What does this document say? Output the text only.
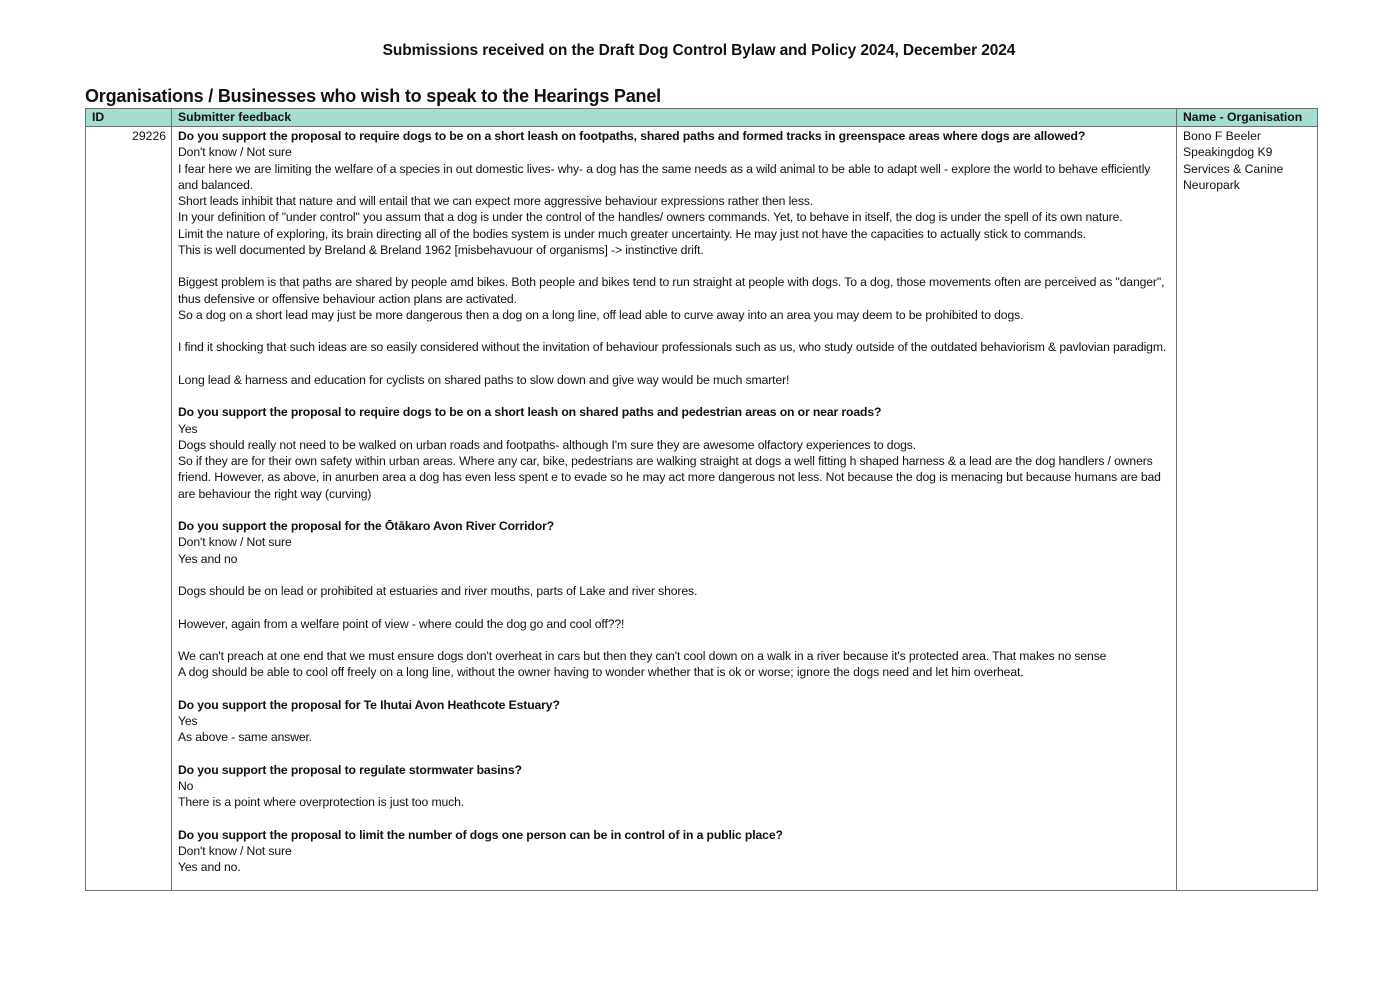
Submissions received on the Draft Dog Control Bylaw and Policy 2024, December 2024
Organisations / Businesses who wish to speak to the Hearings Panel
ID	Submitter feedback	Name - Organisation
29226 Do you support the proposal to require dogs to be on a short leash on footpaths, shared paths and formed tracks in greenspace areas where dogs are allowed?

Don't know / Not sure

I fear here we are limiting the welfare of a species in out domestic lives- why- a dog has the same needs as a wild animal to be able to adapt well - explore the world to behave efficiently and balanced.

Short leads inhibit that nature and will entail that we can expect more aggressive behaviour expressions rather then less.

In your definition of "under control" you assum that a dog is under the control of the handles/ owners commands. Yet, to behave in itself, the dog is under the spell of its own nature.

Limit the nature of exploring, its brain directing all of the bodies system is under much greater uncertainty. He may just not have the capacities to actually stick to commands.

This is well documented by Breland & Breland 1962 [misbehavuour of organisms] -> instinctive drift.

Biggest problem is that paths are shared by people amd bikes. Both people and bikes tend to run straight at people with dogs. To a dog, those movements often are perceived as "danger", thus defensive or offensive behaviour action plans are activated.

So a dog on a short lead may just be more dangerous then a dog on a long line, off lead able to curve away into an area you may deem to be prohibited to dogs.

I find it shocking that such ideas are so easily considered without the invitation of behaviour professionals such as us, who study outside of the outdated behaviorism & pavlovian paradigm.

Long lead & harness and education for cyclists on shared paths to slow down and give way would be much smarter!

Do you support the proposal to require dogs to be on a short leash on shared paths and pedestrian areas on or near roads?

Yes

Dogs should really not need to be walked on urban roads and footpaths- although I'm sure they are awesome olfactory experiences to dogs.

So if they are for their own safety within urban areas. Where any car, bike, pedestrians are walking straight at dogs a well fitting h shaped harness & a lead are the dog handlers / owners friend. However, as above, in anurben area a dog has even less spent e to evade so he may act more dangerous not less. Not because the dog is menacing but because humans are bad are behaviour the right way (curving)

Do you support the proposal for the Ōtākaro Avon River Corridor?

Don't know / Not sure

Yes and no

Dogs should be on lead or prohibited at estuaries and river mouths, parts of Lake and river shores.

However, again from a welfare point of view - where could the dog go and cool off??!

We can't preach at one end that we must ensure dogs don't overheat in cars but then they can't cool down on a walk in a river because it's protected area. That makes no sense

A dog should be able to cool off freely on a long line, without the owner having to wonder whether that is ok or worse; ignore the dogs need and let him overheat.

Do you support the proposal for Te Ihutai Avon Heathcote Estuary?

Yes

As above - same answer.

Do you support the proposal to regulate stormwater basins?

No

There is a point where overprotection is just too much.

Do you support the proposal to limit the number of dogs one person can be in control of in a public place?

Don't know / Not sure

Yes and no.

Bono F Beeler
Speakingdog K9
Services & Canine
Neuropark
